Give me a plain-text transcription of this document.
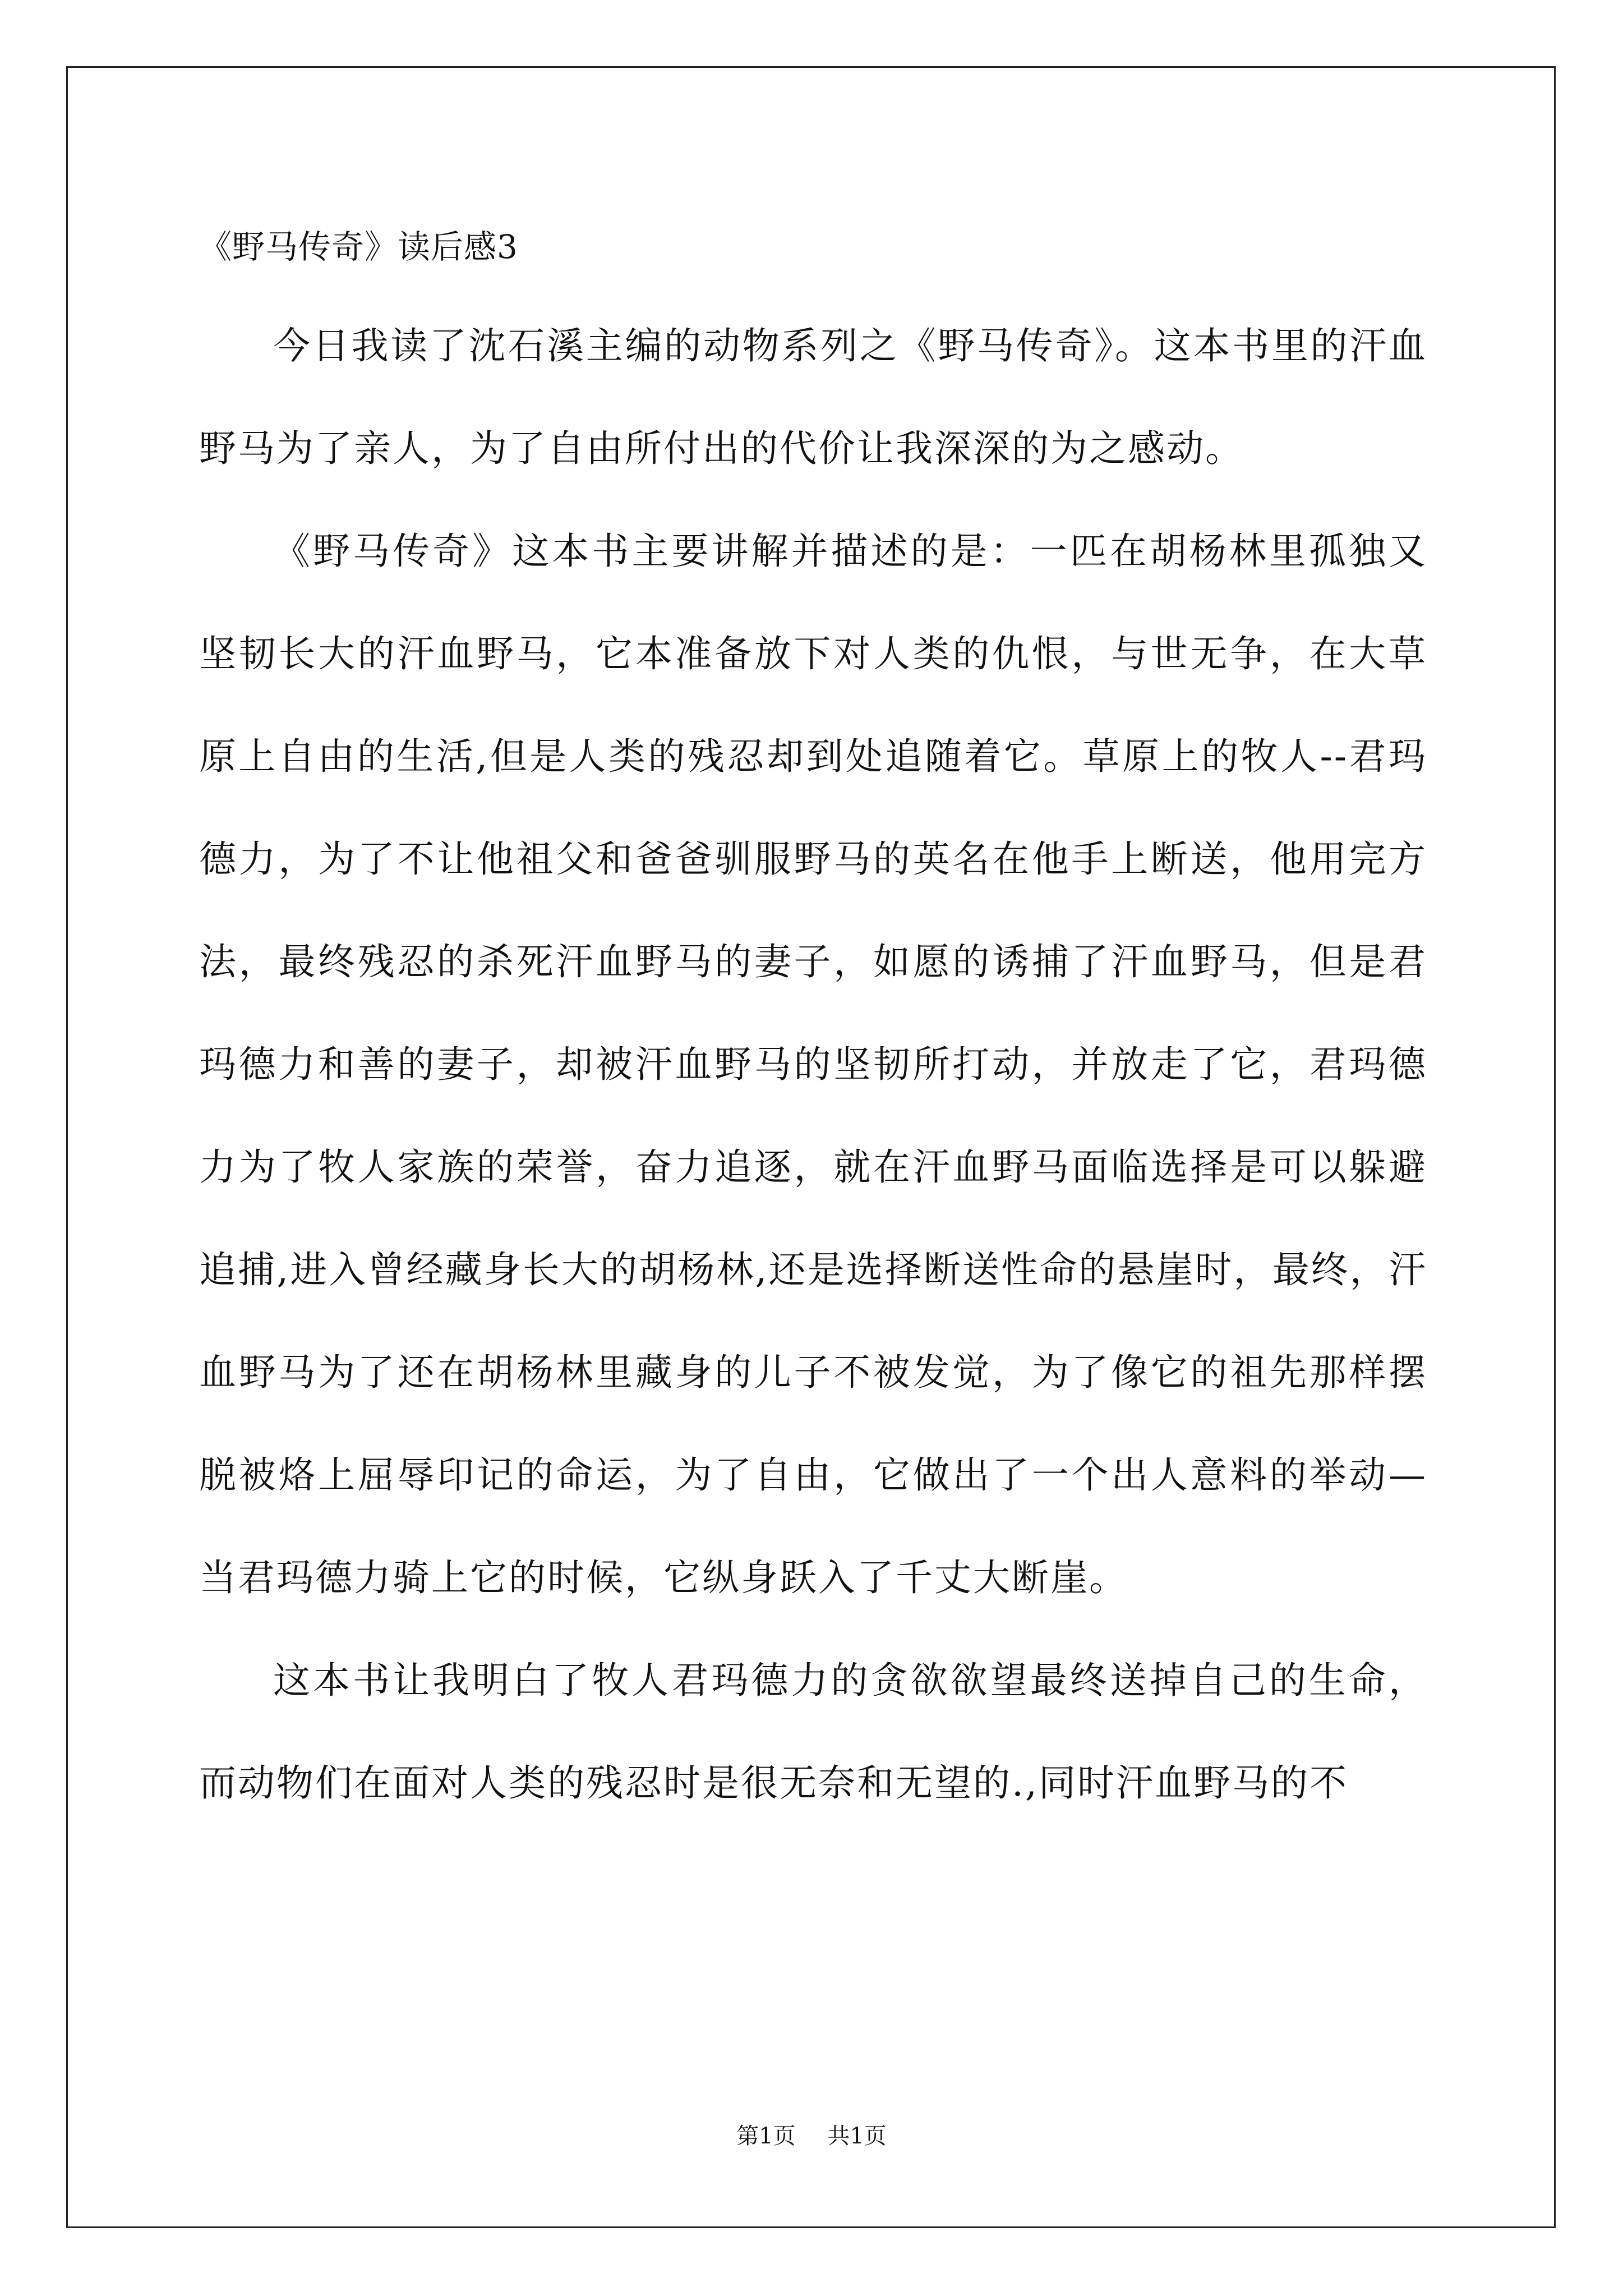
《野马传奇》读后感3

今日我读了沈石溪主编的动物系列之《野马传奇》。这本书里的汗血野马为了亲人，为了自由所付出的代价让我深深的为之感动。

《野马传奇》这本书主要讲解并描述的是：一匹在胡杨林里孤独又坚韧长大的汗血野马，它本准备放下对人类的仇恨，与世无争，在大草原上自由的生活,但是人类的残忍却到处追随着它。草原上的牧人--君玛德力，为了不让他祖父和爸爸驯服野马的英名在他手上断送，他用完方法，最终残忍的杀死汗血野马的妻子，如愿的诱捕了汗血野马，但是君玛德力和善的妻子，却被汗血野马的坚韧所打动，并放走了它，君玛德力为了牧人家族的荣誉，奋力追逐，就在汗血野马面临选择是可以躲避追捕,进入曾经藏身长大的胡杨林,还是选择断送性命的悬崖时，最终，汗血野马为了还在胡杨林里藏身的儿子不被发觉，为了像它的祖先那样摆脱被烙上屈辱印记的命运，为了自由，它做出了一个出人意料的举动—当君玛德力骑上它的时候，它纵身跃入了千丈大断崖。

这本书让我明白了牧人君玛德力的贪欲欲望最终送掉自己的生命，而动物们在面对人类的残忍时是很无奈和无望的.,同时汗血野马的不

第1页 共1页
